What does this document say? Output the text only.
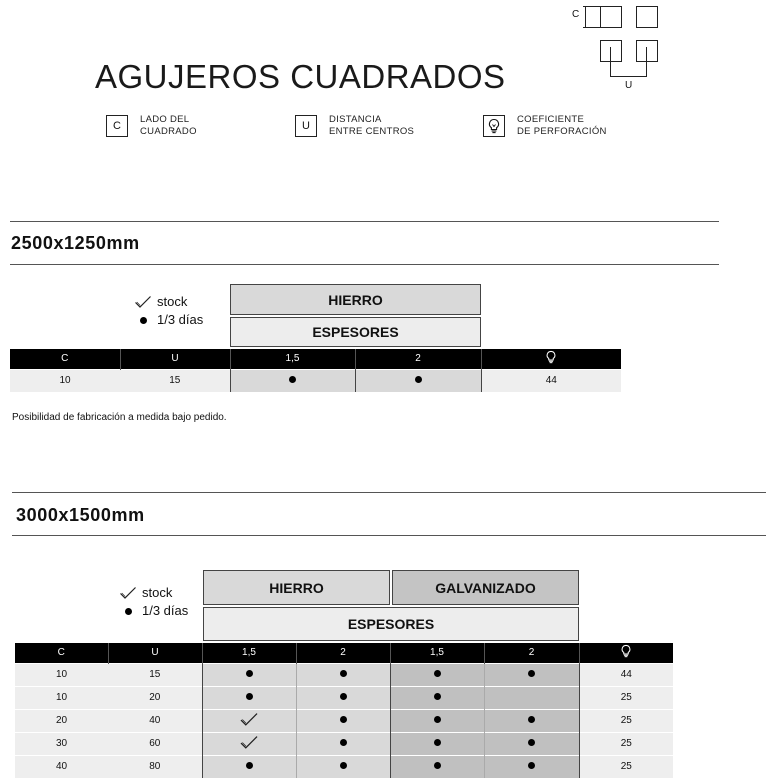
C
U
AGUJEROS CUADRADOS
C
LADO DEL
CUADRADO	U
DISTANCIA
ENTRE CENTROS
COEFICIENTE
DE PERFORACIÓN
2500x1250mm
stock
1/3 días
HIERRO
ESPESORES
C	U	1,5	2	
10	15			44
Posibilidad de fabricación a medida bajo pedido.
3000x1500mm
stock
1/3 días
HIERRO	GALVANIZADO
ESPESORES
C	U	1,5	2	1,5	2	
10	15					44
10	20					25
20	40					25
30	60					25
40	80					25
